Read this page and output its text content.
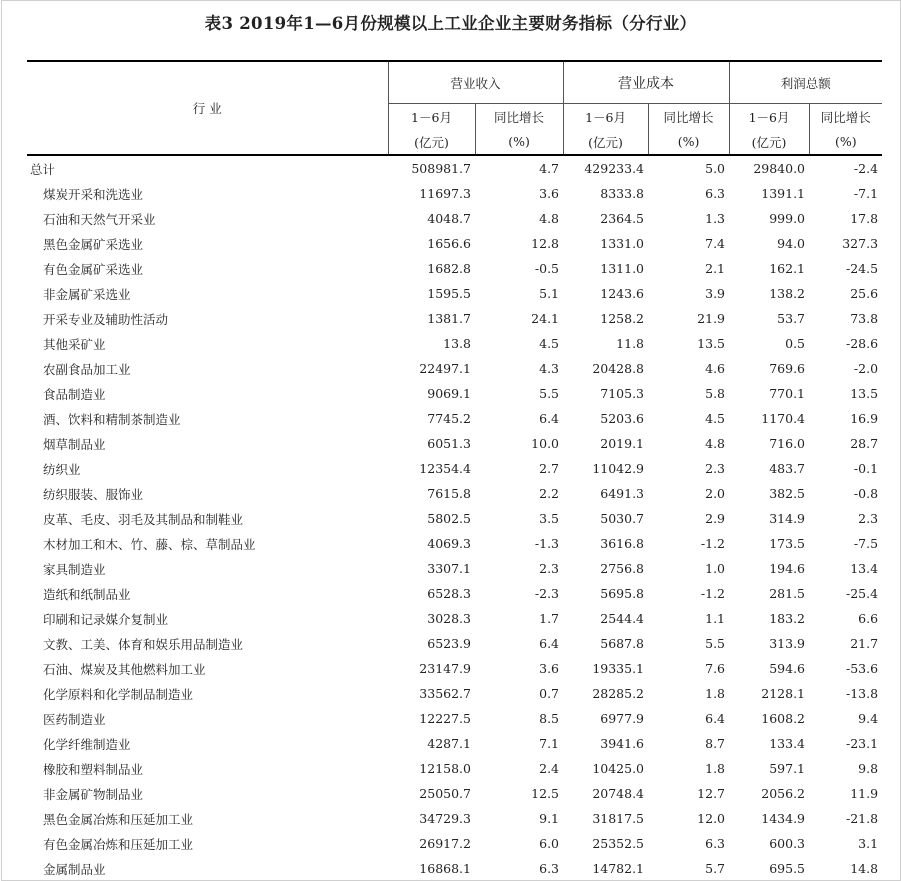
表3 2019年1—6月份规模以上工业企业主要财务指标（分行业）
行 业	营业收入		营业成本		利润总额	
	1－6月	同比增长	1－6月	同比增长	1－6月	同比增长
	(亿元)	(%)	(亿元)	(%)	(亿元)	(%)
总计	508981.7	4.7	429233.4	5.0	29840.0	-2.4
煤炭开采和洗选业	11697.3	3.6	8333.8	6.3	1391.1	-7.1
石油和天然气开采业	4048.7	4.8	2364.5	1.3	999.0	17.8
黑色金属矿采选业	1656.6	12.8	1331.0	7.4	94.0	327.3
有色金属矿采选业	1682.8	-0.5	1311.0	2.1	162.1	-24.5
非金属矿采选业	1595.5	5.1	1243.6	3.9	138.2	25.6
开采专业及辅助性活动	1381.7	24.1	1258.2	21.9	53.7	73.8
其他采矿业	13.8	4.5	11.8	13.5	0.5	-28.6
农副食品加工业	22497.1	4.3	20428.8	4.6	769.6	-2.0
食品制造业	9069.1	5.5	7105.3	5.8	770.1	13.5
酒、饮料和精制茶制造业	7745.2	6.4	5203.6	4.5	1170.4	16.9
烟草制品业	6051.3	10.0	2019.1	4.8	716.0	28.7
纺织业	12354.4	2.7	11042.9	2.3	483.7	-0.1
纺织服装、服饰业	7615.8	2.2	6491.3	2.0	382.5	-0.8
皮革、毛皮、羽毛及其制品和制鞋业	5802.5	3.5	5030.7	2.9	314.9	2.3
木材加工和木、竹、藤、棕、草制品业	4069.3	-1.3	3616.8	-1.2	173.5	-7.5
家具制造业	3307.1	2.3	2756.8	1.0	194.6	13.4
造纸和纸制品业	6528.3	-2.3	5695.8	-1.2	281.5	-25.4
印刷和记录媒介复制业	3028.3	1.7	2544.4	1.1	183.2	6.6
文教、工美、体育和娱乐用品制造业	6523.9	6.4	5687.8	5.5	313.9	21.7
石油、煤炭及其他燃料加工业	23147.9	3.6	19335.1	7.6	594.6	-53.6
化学原料和化学制品制造业	33562.7	0.7	28285.2	1.8	2128.1	-13.8
医药制造业	12227.5	8.5	6977.9	6.4	1608.2	9.4
化学纤维制造业	4287.1	7.1	3941.6	8.7	133.4	-23.1
橡胶和塑料制品业	12158.0	2.4	10425.0	1.8	597.1	9.8
非金属矿物制品业	25050.7	12.5	20748.4	12.7	2056.2	11.9
黑色金属冶炼和压延加工业	34729.3	9.1	31817.5	12.0	1434.9	-21.8
有色金属冶炼和压延加工业	26917.2	6.0	25352.5	6.3	600.3	3.1
金属制品业	16868.1	6.3	14782.1	5.7	695.5	14.8
